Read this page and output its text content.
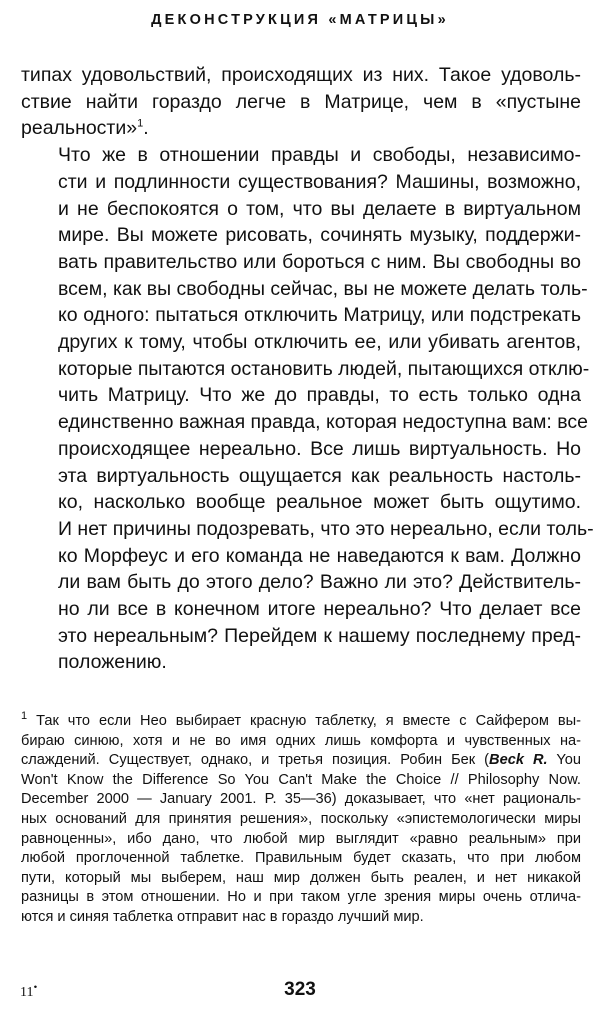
ДЕКОНСТРУКЦИЯ «МАТРИЦЫ»

типах удовольствий, происходящих из них. Такое удоволь-
ствие найти гораздо легче в Матрице, чем в «пустыне
реальности»$^1$.

Что же в отношении правды и свободы, независимо-
сти и подлинности существования? Машины, возможно,
и не беспокоятся о том, что вы делаете в виртуальном
мире. Вы можете рисовать, сочинять музыку, поддержи-
вать правительство или бороться с ним. Вы свободны во
всем, как вы свободны сейчас, вы не можете делать толь-
ко одного: пытаться отключить Матрицу, или подстрекать
других к тому, чтобы отключить ее, или убивать агентов,
которые пытаются остановить людей, пытающихся отклю-
чить Матрицу. Что же до правды, то есть только одна
единственно важная правда, которая недоступна вам: все
происходящее нереально. Все лишь виртуальность. Но
эта виртуальность ощущается как реальность настоль-
ко, насколько вообще реальное может быть ощутимо.
И нет причины подозревать, что это нереально, если толь-
ко Морфеус и его команда не наведаются к вам. Должно
ли вам быть до этого дело? Важно ли это? Действитель-
но ли все в конечном итоге нереально? Что делает все
это нереальным? Перейдем к нашему последнему пред-
положению.

$^1$ Так что если Нео выбирает красную таблетку, я вместе с Сайфером вы-
бираю синюю, хотя и не во имя одних лишь комфорта и чувственных на-
слаждений. Существует, однако, и третья позиция. Робин Бек (Beck R. You
Won't Know the Difference So You Can't Make the Choice // Philosophy Now.
December 2000 — January 2001. P. 35—36) доказывает, что «нет рациональ-
ных оснований для принятия решения», поскольку «эпистемологически миры
равноценны», ибо дано, что любой мир выглядит «равно реальным» при
любой проглоченной таблетке. Правильным будет сказать, что при любом
пути, который мы выберем, наш мир должен быть реален, и нет никакой
разницы в этом отношении. Но и при таком угле зрения миры очень отлича-
ются и синяя таблетка отправит нас в гораздо лучший мир.
11•	323
